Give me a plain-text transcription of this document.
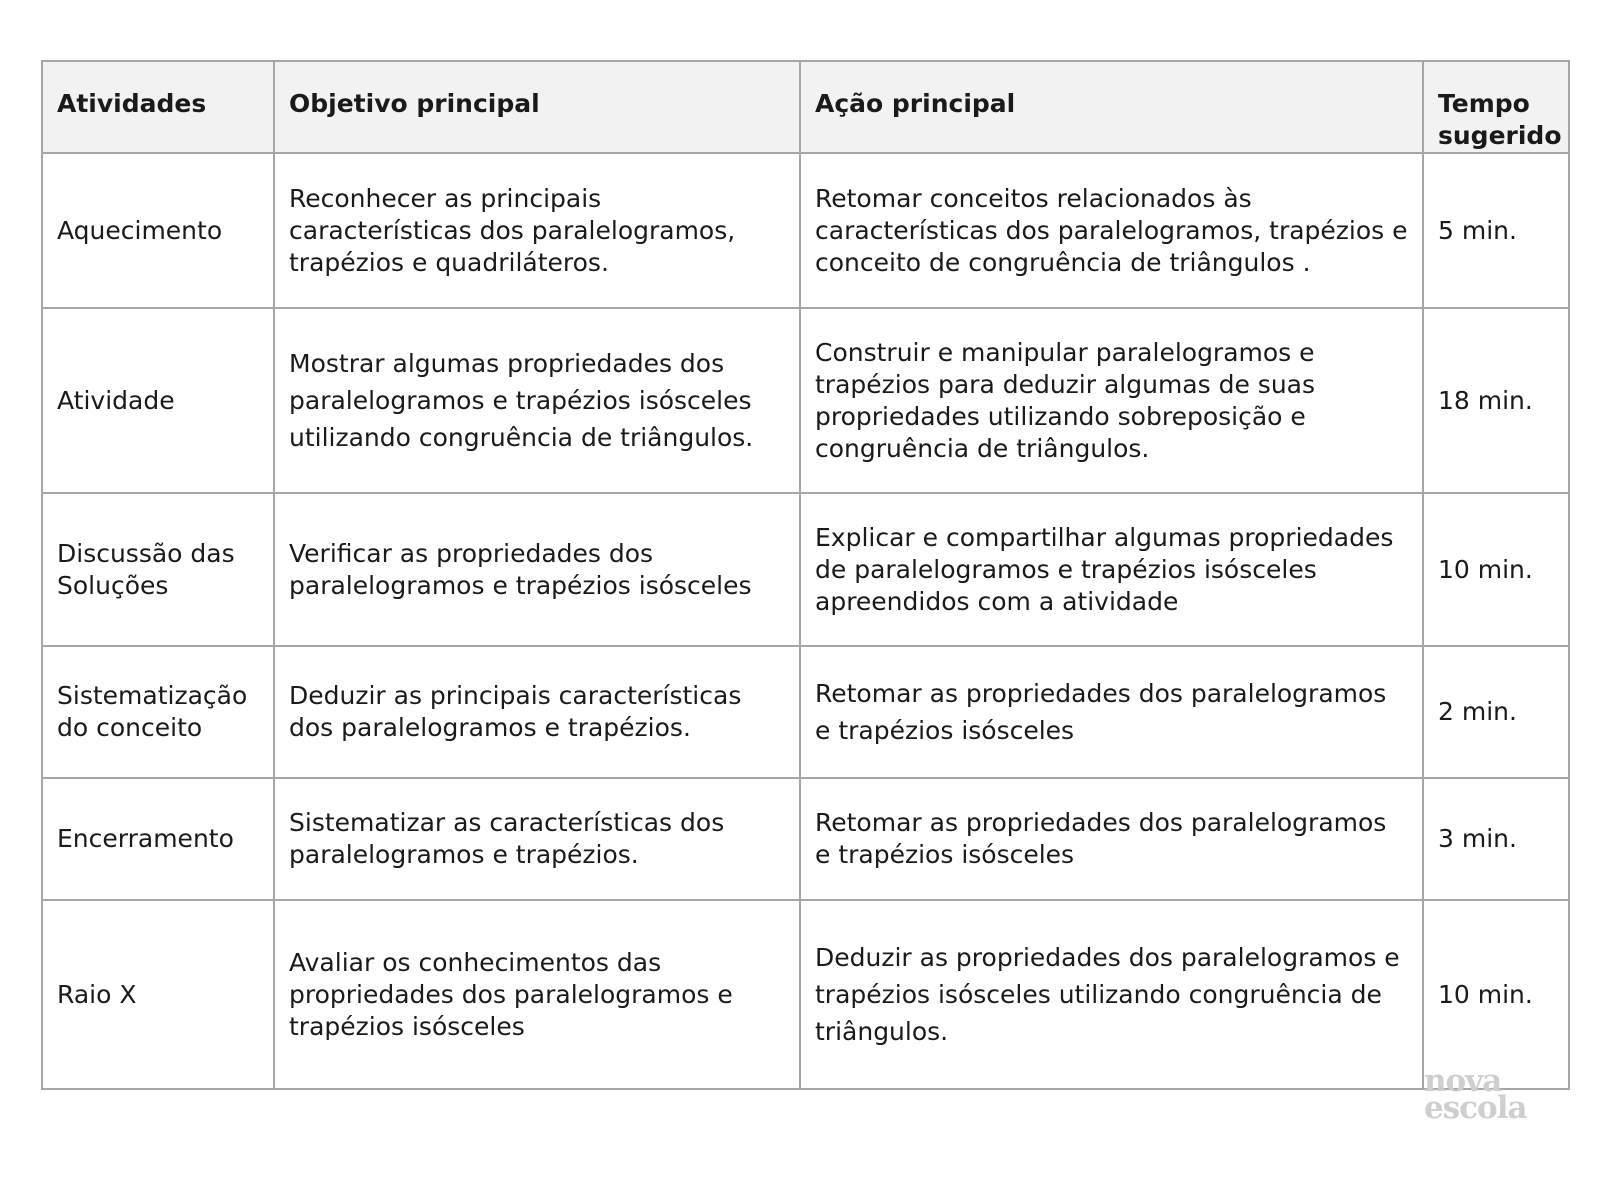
Atividades	Objetivo principal	Ação principal	Tempo sugerido
Aquecimento	Reconhecer as principais características dos paralelogramos, trapézios e quadriláteros.	Retomar conceitos relacionados às características dos paralelogramos, trapézios e conceito de congruência de triângulos .	5 min.
Atividade	Mostrar algumas propriedades dos paralelogramos e trapézios isósceles utilizando congruência de triângulos.	Construir e manipular paralelogramos e trapézios para deduzir algumas de suas propriedades utilizando sobreposição e congruência de triângulos.	18 min.
Discussão das Soluções	Verificar as propriedades dos paralelogramos e trapézios isósceles	Explicar e compartilhar algumas propriedades de paralelogramos e trapézios isósceles apreendidos com a atividade	10 min.
Sistematização do conceito	Deduzir as principais características dos paralelogramos e trapézios.	Retomar as propriedades dos paralelogramos e trapézios isósceles	2 min.
Encerramento	Sistematizar as características dos paralelogramos e trapézios.	Retomar as propriedades dos paralelogramos e trapézios isósceles	3 min.
Raio X	Avaliar os conhecimentos das propriedades dos paralelogramos e trapézios isósceles	Deduzir as propriedades dos paralelogramos e trapézios isósceles utilizando congruência de triângulos.	10 min.
nova
escola
